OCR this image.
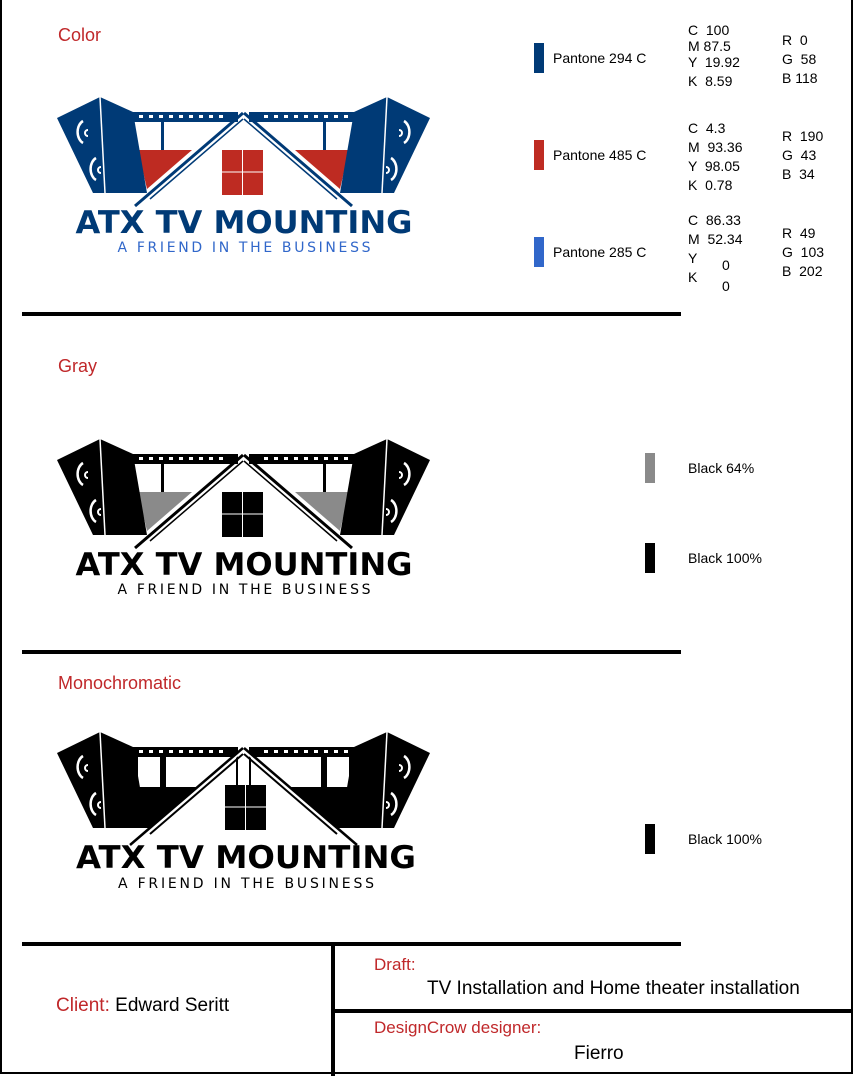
Color
Gray
Monochromatic
ATX TV MOUNTING
A FRIEND IN THE BUSINESS
ATX TV MOUNTING
A FRIEND IN THE BUSINESS
ATX TV MOUNTING
A FRIEND IN THE BUSINESS
Pantone 294 C
C  100
M 87.5
Y  19.92
K  8.59
R  0
G  58
B 118
Pantone 485 C
C  4.3
M  93.36
Y  98.05
K  0.78
R  190
G  43
B  34
Pantone 285 C
C  86.33
M  52.34
Y
K
0
0
R  49
G  103
B  202
Black 64%
Black 100%
Black 100%
Client: Edward Seritt
Draft:
TV Installation and Home theater installation
DesignCrow designer:
Fierro
